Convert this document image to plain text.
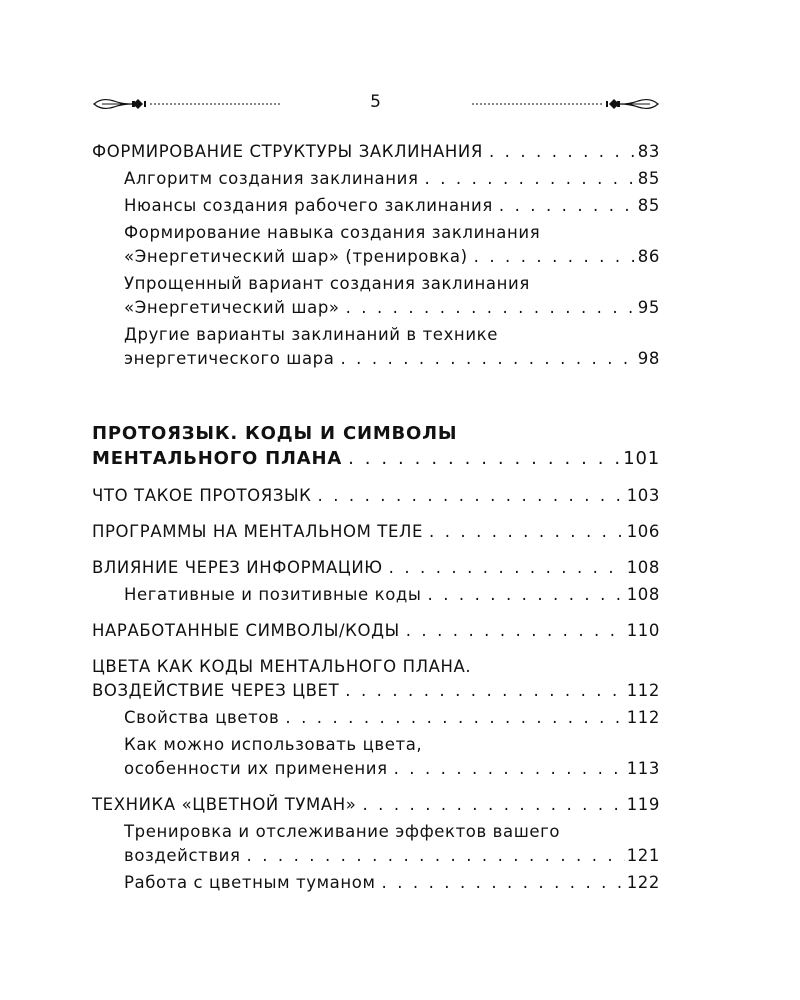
5
ФОРМИРОВАНИЕ СТРУКТУРЫ ЗАКЛИНАНИЯ . . .	83
Алгоритм создания заклинания . . .	85
Нюансы создания рабочего заклинания . . .	85
Формирование навыка создания заклинания
«Энергетический шар» (тренировка) . . .	86
Упрощенный вариант создания заклинания
«Энергетический шар» . . .	95
Другие варианты заклинаний в технике
энергетического шара . . .	98
ПРОТОЯЗЫК. КОДЫ И СИМВОЛЫ
МЕНТАЛЬНОГО ПЛАНА . . .	101
ЧТО ТАКОЕ ПРОТОЯЗЫК . . .	103
ПРОГРАММЫ НА МЕНТАЛЬНОМ ТЕЛЕ . . .	106
ВЛИЯНИЕ ЧЕРЕЗ ИНФОРМАЦИЮ . . .	108
Негативные и позитивные коды . . .	108
НАРАБОТАННЫЕ СИМВОЛЫ/КОДЫ . . .	110
ЦВЕТА КАК КОДЫ МЕНТАЛЬНОГО ПЛАНА.
ВОЗДЕЙСТВИЕ ЧЕРЕЗ ЦВЕТ . . .	112
Свойства цветов . . .	112
Как можно использовать цвета,
особенности их применения . . .	113
ТЕХНИКА «ЦВЕТНОЙ ТУМАН» . . .	119
Тренировка и отслеживание эффектов вашего
воздействия . . .	121
Работа с цветным туманом . . .	122
